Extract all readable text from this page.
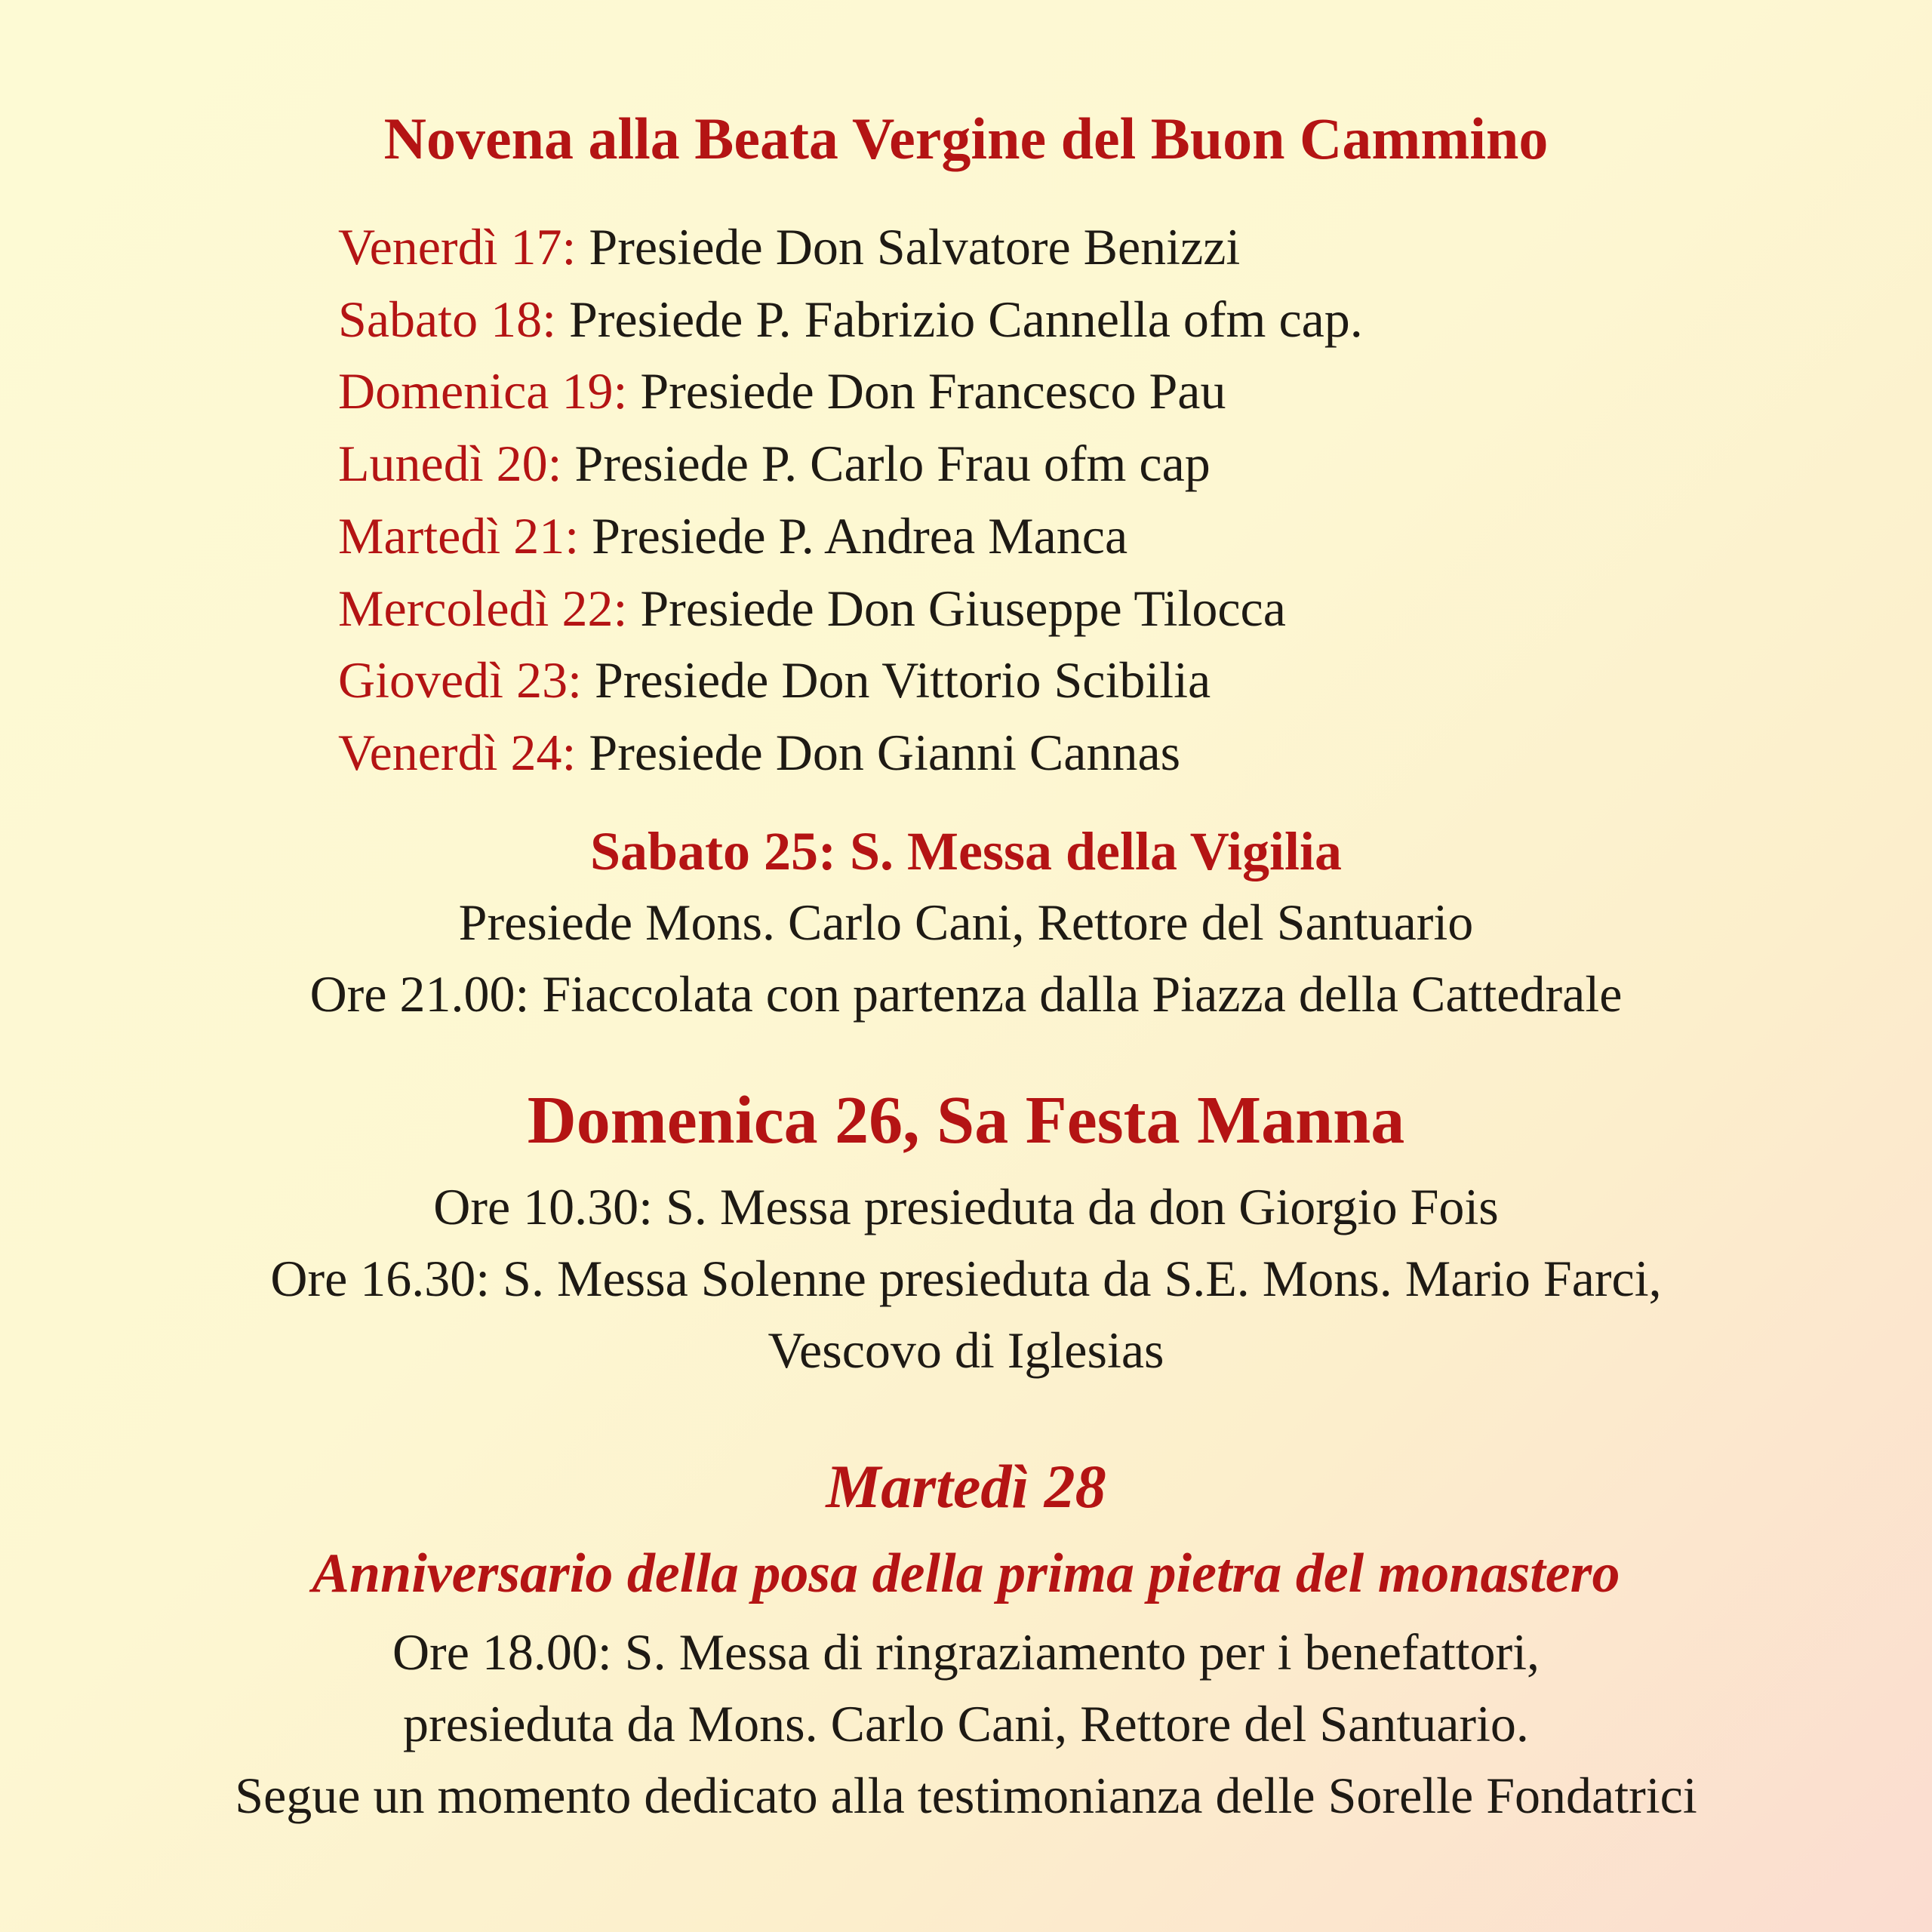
Novena alla Beata Vergine del Buon Cammino
Venerdì 17: Presiede Don Salvatore Benizzi
Sabato 18: Presiede P. Fabrizio Cannella ofm cap.
Domenica 19: Presiede Don Francesco Pau
Lunedì 20: Presiede P. Carlo Frau ofm cap
Martedì 21: Presiede P. Andrea Manca
Mercoledì 22: Presiede Don Giuseppe Tilocca
Giovedì 23: Presiede Don Vittorio Scibilia
Venerdì 24: Presiede Don Gianni Cannas
Sabato 25: S. Messa della Vigilia
Presiede Mons. Carlo Cani, Rettore del Santuario
Ore 21.00: Fiaccolata con partenza dalla Piazza della Cattedrale
Domenica 26, Sa Festa Manna
Ore 10.30: S. Messa presieduta da don Giorgio Fois
Ore 16.30: S. Messa Solenne presieduta da S.E. Mons. Mario Farci,
Vescovo di Iglesias
Martedì 28
Anniversario della posa della prima pietra del monastero
Ore 18.00: S. Messa di ringraziamento per i benefattori,
presieduta da Mons. Carlo Cani, Rettore del Santuario.
Segue un momento dedicato alla testimonianza delle Sorelle Fondatrici
